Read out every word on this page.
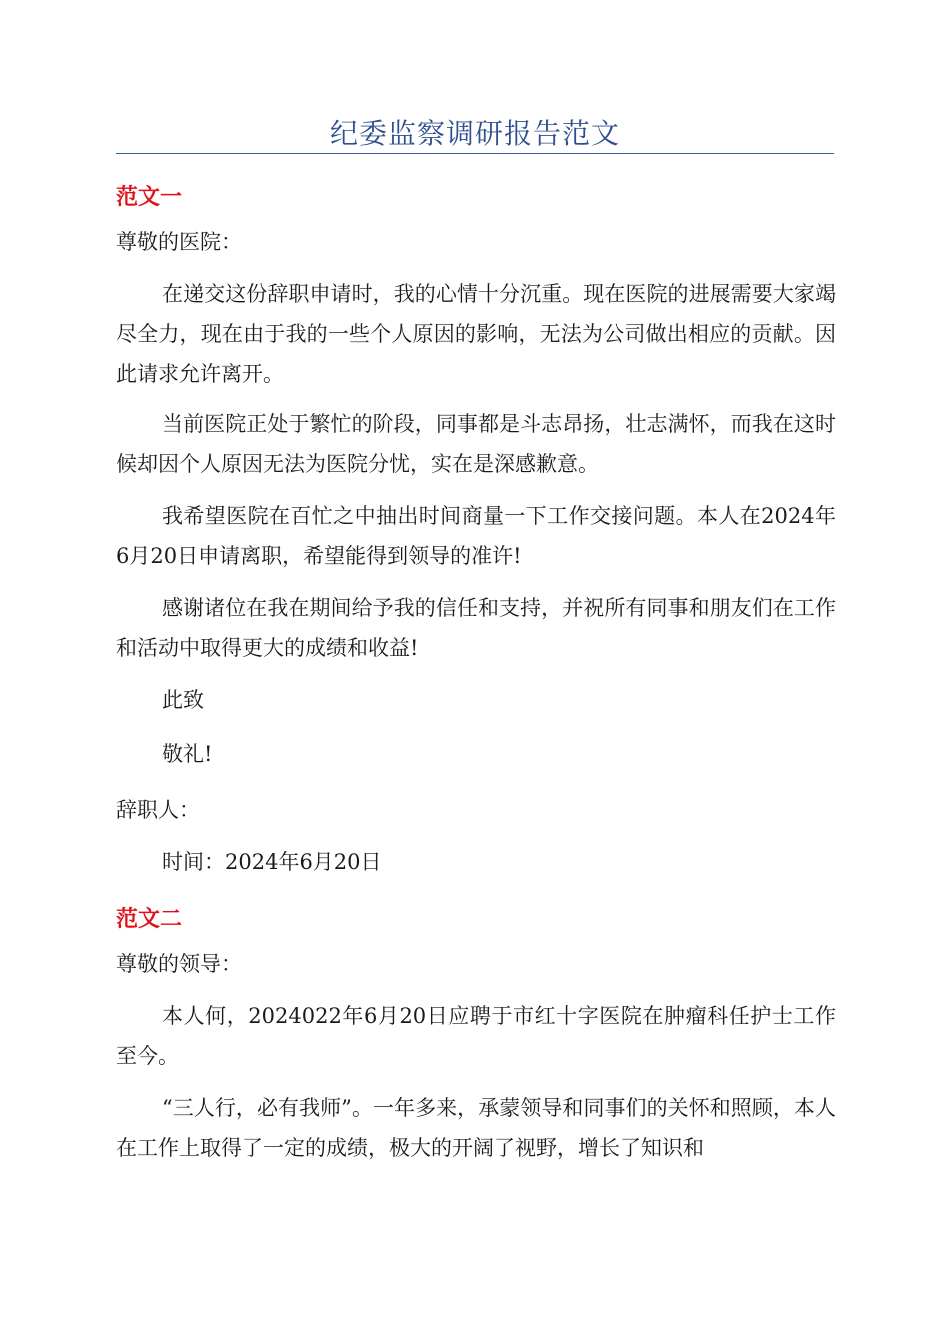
纪委监察调研报告范文
范文一
尊敬的医院：

在递交这份辞职申请时，我的心情十分沉重。现在医院的进展需要大家竭尽全力，现在由于我的一些个人原因的影响，无法为公司做出相应的贡献。因此请求允许离开。

当前医院正处于繁忙的阶段，同事都是斗志昂扬，壮志满怀，而我在这时候却因个人原因无法为医院分忧，实在是深感歉意。

我希望医院在百忙之中抽出时间商量一下工作交接问题。本人在2024年6月20日申请离职，希望能得到领导的准许!

感谢诸位在我在期间给予我的信任和支持，并祝所有同事和朋友们在工作和活动中取得更大的成绩和收益!

此致
敬礼!
辞职人：
时间：2024年6月20日
范文二
尊敬的领导：

本人何，2024022年6月20日应聘于市红十字医院在肿瘤科任护士工作至今。

“三人行，必有我师”。一年多来，承蒙领导和同事们的关怀和照顾，本人在工作上取得了一定的成绩，极大的开阔了视野，增长了知识和
